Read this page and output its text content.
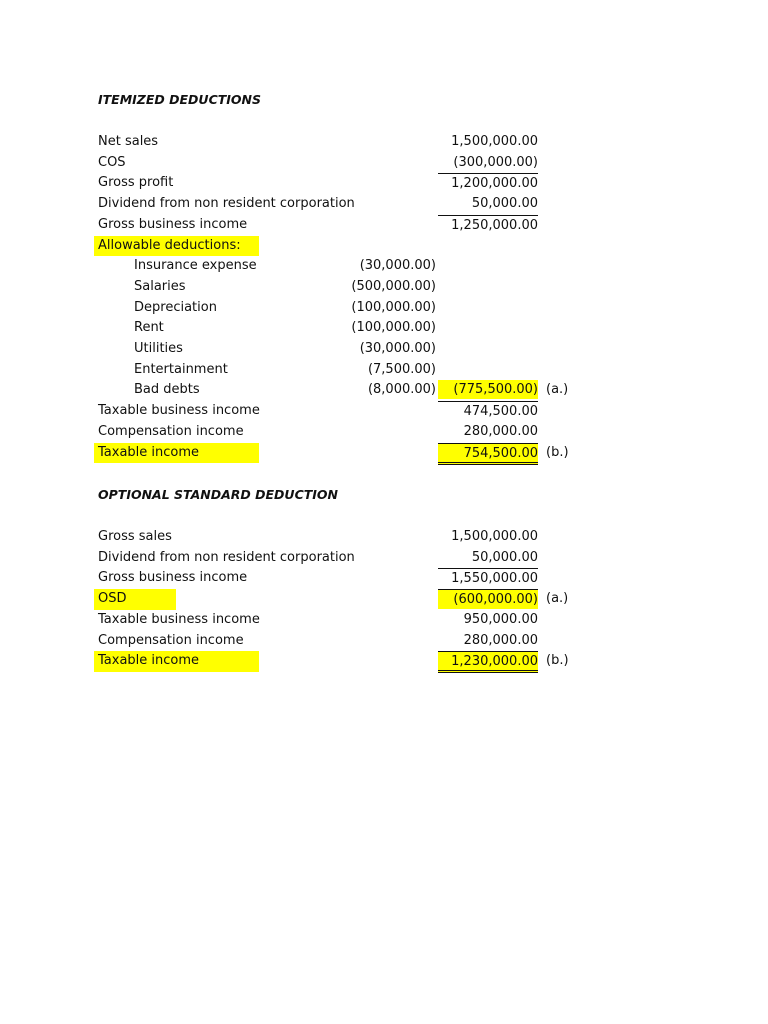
ITEMIZED DEDUCTIONS
Net sales	1,500,000.00
COS	(300,000.00)
Gross profit	1,200,000.00
Dividend from non resident corporation	50,000.00
Gross business income	1,250,000.00
Allowable deductions:
Insurance expense	(30,000.00)
Salaries	(500,000.00)
Depreciation	(100,000.00)
Rent	(100,000.00)
Utilities	(30,000.00)
Entertainment	(7,500.00)
Bad debts	(8,000.00)	(775,500.00) (a.)
Taxable business income	474,500.00
Compensation income	280,000.00
Taxable income	754,500.00 (b.)
OPTIONAL STANDARD DEDUCTION
Gross sales	1,500,000.00
Dividend from non resident corporation	50,000.00
Gross business income	1,550,000.00
OSD	(600,000.00) (a.)
Taxable business income	950,000.00
Compensation income	280,000.00
Taxable income	1,230,000.00 (b.)
